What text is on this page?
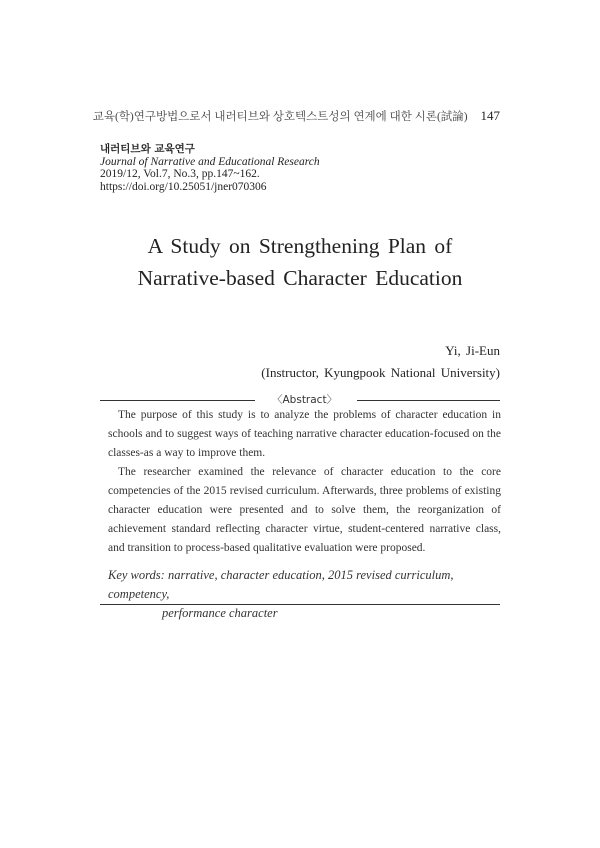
교육(학)연구방법으로서 내러티브와 상호텍스트성의 연계에 대한 시론(試論) 147
내러티브와 교육연구
Journal of Narrative and Educational Research
2019/12, Vol.7, No.3, pp.147~162.
https://doi.org/10.25051/jner070306
A Study on Strengthening Plan of
Narrative-based Character Education
Yi, Ji-Eun
(Instructor, Kyungpook National University)
〈Abstract〉

The purpose of this study is to analyze the problems of character education in schools and to suggest ways of teaching narrative character education-focused on the classes-as a way to improve them.

The researcher examined the relevance of character education to the core competencies of the 2015 revised curriculum. Afterwards, three problems of existing character education were presented and to solve them, the reorganization of achievement standard reflecting character virtue, student-centered narrative class, and transition to process-based qualitative evaluation were proposed.

Key words: narrative, character education, 2015 revised curriculum, competency,
performance character
